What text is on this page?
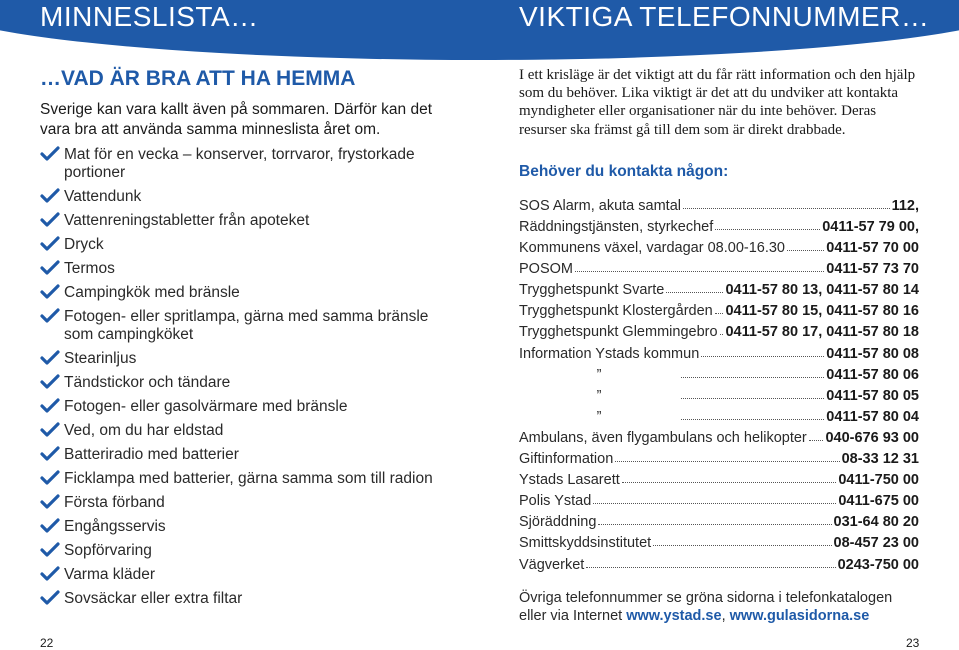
MINNESLISTA…	VIKTIGA TELEFONNUMMER…
…VAD ÄR BRA ATT HA HEMMA

Sverige kan vara kallt även på sommaren. Därför kan det vara bra att använda samma minneslista året om.

Mat för en vecka – konserver, torrvaror, frystorkade portioner
Vattendunk
Vattenreningstabletter från apoteket
Dryck
Termos
Campingkök med bränsle
Fotogen- eller spritlampa, gärna med samma bränsle som campingköket
Stearinljus
Tändstickor och tändare
Fotogen- eller gasolvärmare med bränsle
Ved, om du har eldstad
Batteriradio med batterier
Ficklampa med batterier, gärna samma som till radion
Första förband
Engångsservis
Sopförvaring
Varma kläder
Sovsäckar eller extra filtar

I ett krisläge är det viktigt att du får rätt information och den hjälp som du behöver. Lika viktigt är det att du undviker att kontakta myndigheter eller organisationer när du inte behöver. Deras resurser ska främst gå till dem som är direkt drabbade.

Behöver du kontakta någon:
SOS Alarm, akuta samtal	112,
Räddningstjänsten, styrkechef	0411-57 79 00,
Kommunens växel, vardagar 08.00-16.30	0411-57 70 00
POSOM	0411-57 73 70
Trygghetspunkt Svarte	0411-57 80 13, 0411-57 80 14
Trygghetspunkt Klostergården 0411-57 80 15, 0411-57 80 16
Trygghetspunkt Glemmingebro 0411-57 80 17, 0411-57 80 18
Information Ystads kommun	0411-57 80 08
”	0411-57 80 06
”	0411-57 80 05
”	0411-57 80 04
Ambulans, även flygambulans och helikopter 040-676 93 00
Giftinformation	08-33 12 31
Ystads Lasarett	0411-750 00
Polis Ystad	0411-675 00
Sjöräddning	031-64 80 20
Smittskyddsinstitutet	08-457 23 00
Vägverket	0243-750 00
Övriga telefonnummer se gröna sidorna i telefonkatalogen eller via Internet www.ystad.se, www.gulasidorna.se
22	23
